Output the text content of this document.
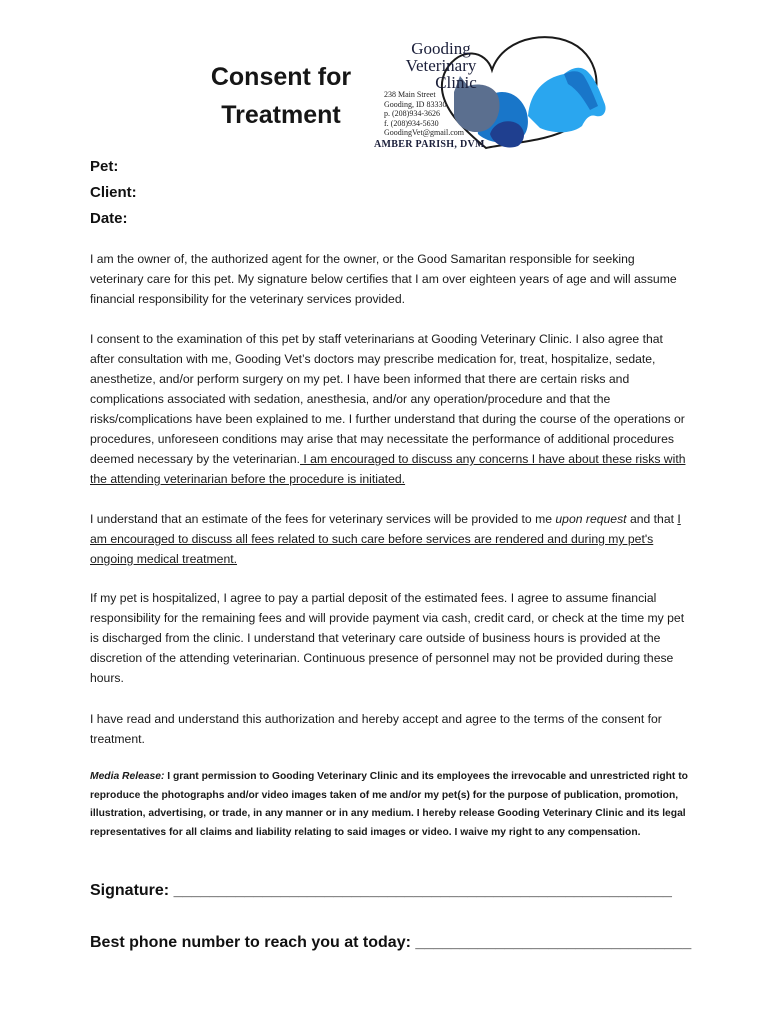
Consent for
Treatment
Gooding
Veterinary
Clinic
238 Main Street
Gooding, ID 83330
p. (208)934-3626
f. (208)934-5630
GoodingVet@gmail.com
AMBER PARISH, DVM
Pet:
Client:
Date:
I am the owner of, the authorized agent for the owner, or the Good Samaritan responsible for seeking veterinary care for this pet. My signature below certifies that I am over eighteen years of age and will assume financial responsibility for the veterinary services provided.
I consent to the examination of this pet by staff veterinarians at Gooding Veterinary Clinic. I also agree that after consultation with me, Gooding Vet’s doctors may prescribe medication for, treat, hospitalize, sedate, anesthetize, and/or perform surgery on my pet. I have been informed that there are certain risks and complications associated with sedation, anesthesia, and/or any operation/procedure and that the risks/complications have been explained to me. I further understand that during the course of the operations or procedures, unforeseen conditions may arise that may necessitate the performance of additional procedures deemed necessary by the veterinarian. I am encouraged to discuss any concerns I have about these risks with the attending veterinarian before the procedure is initiated.
I understand that an estimate of the fees for veterinary services will be provided to me upon request and that I am encouraged to discuss all fees related to such care before services are rendered and during my pet's ongoing medical treatment.
If my pet is hospitalized, I agree to pay a partial deposit of the estimated fees. I agree to assume financial responsibility for the remaining fees and will provide payment via cash, credit card, or check at the time my pet is discharged from the clinic. I understand that veterinary care outside of business hours is provided at the discretion of the attending veterinarian. Continuous presence of personnel may not be provided during these hours.
I have read and understand this authorization and hereby accept and agree to the terms of the consent for treatment.
Media Release: I grant permission to Gooding Veterinary Clinic and its employees the irrevocable and unrestricted right to reproduce the photographs and/or video images taken of me and/or my pet(s) for the purpose of publication, promotion, illustration, advertising, or trade, in any manner or in any medium. I hereby release Gooding Veterinary Clinic and its legal representatives for all claims and liability relating to said images or video. I waive my right to any compensation.
Signature: ________________________________________________________
Best phone number to reach you at today: _______________________________
